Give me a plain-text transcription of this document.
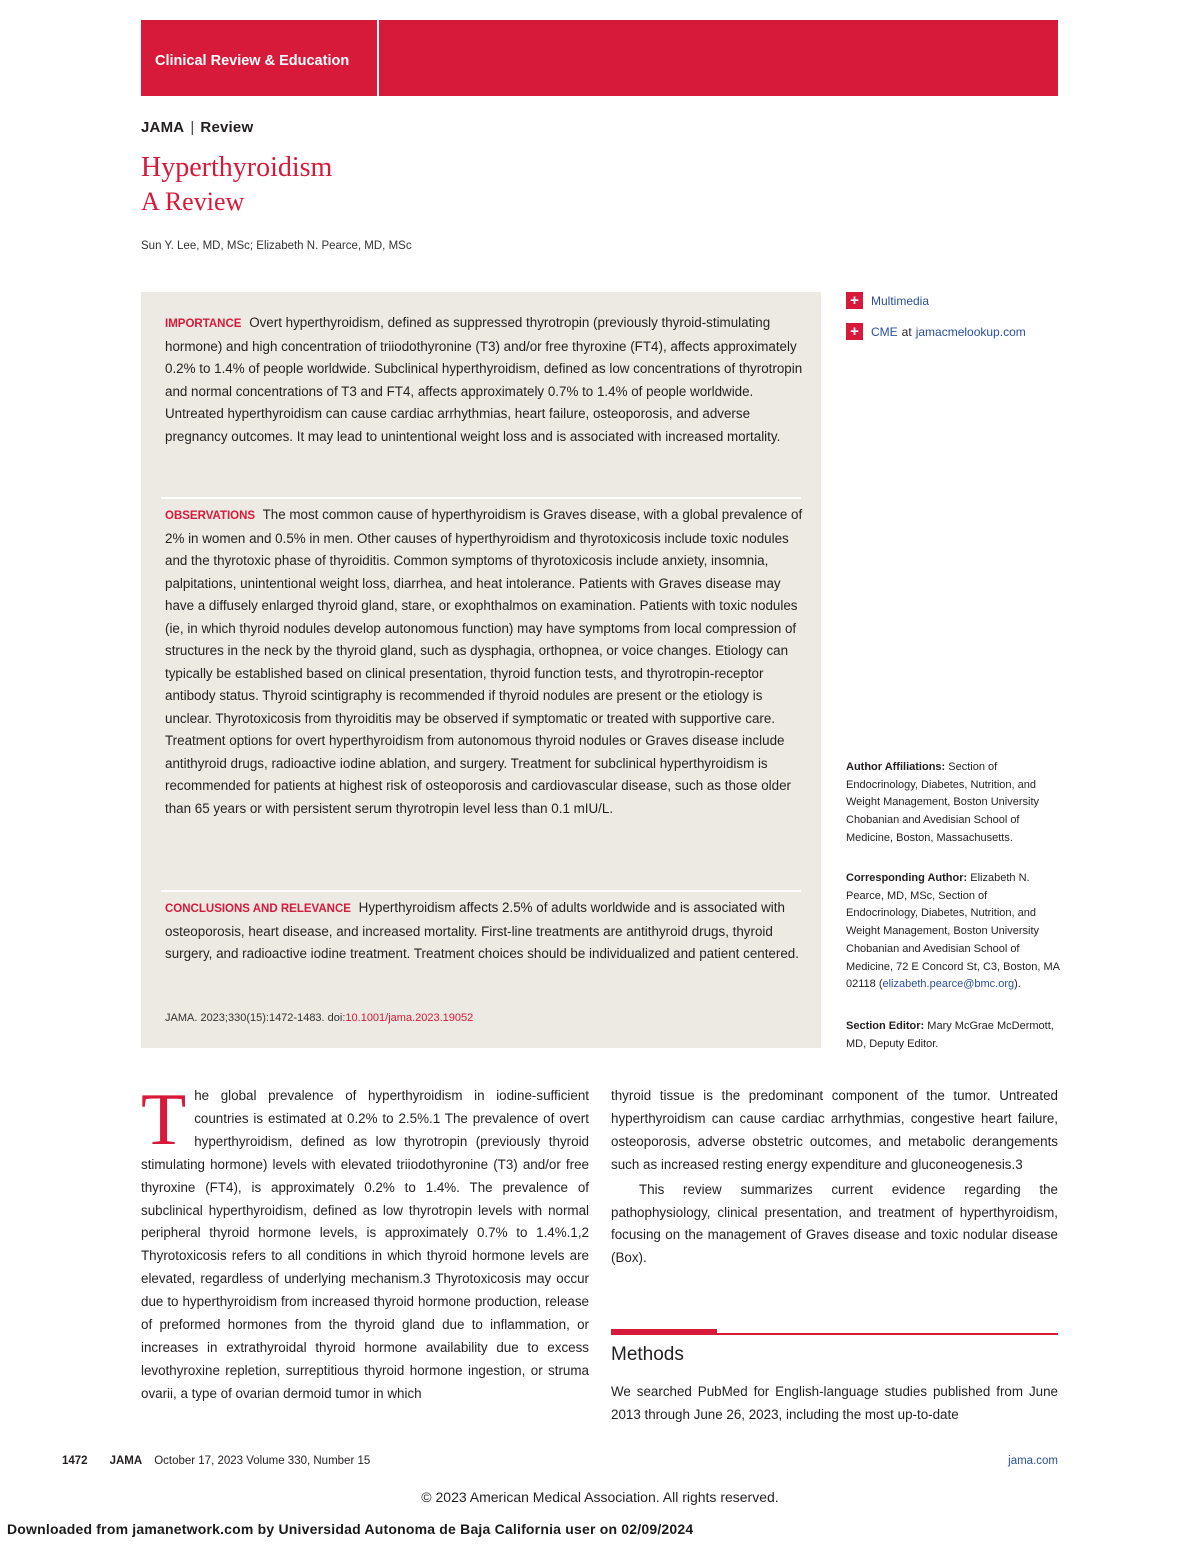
Clinical Review & Education
JAMA | Review
Hyperthyroidism
A Review
Sun Y. Lee, MD, MSc; Elizabeth N. Pearce, MD, MSc
IMPORTANCE Overt hyperthyroidism, defined as suppressed thyrotropin (previously thyroid-stimulating hormone) and high concentration of triiodothyronine (T3) and/or free thyroxine (FT4), affects approximately 0.2% to 1.4% of people worldwide. Subclinical hyperthyroidism, defined as low concentrations of thyrotropin and normal concentrations of T3 and FT4, affects approximately 0.7% to 1.4% of people worldwide. Untreated hyperthyroidism can cause cardiac arrhythmias, heart failure, osteoporosis, and adverse pregnancy outcomes. It may lead to unintentional weight loss and is associated with increased mortality.
OBSERVATIONS The most common cause of hyperthyroidism is Graves disease, with a global prevalence of 2% in women and 0.5% in men. Other causes of hyperthyroidism and thyrotoxicosis include toxic nodules and the thyrotoxic phase of thyroiditis. Common symptoms of thyrotoxicosis include anxiety, insomnia, palpitations, unintentional weight loss, diarrhea, and heat intolerance. Patients with Graves disease may have a diffusely enlarged thyroid gland, stare, or exophthalmos on examination. Patients with toxic nodules (ie, in which thyroid nodules develop autonomous function) may have symptoms from local compression of structures in the neck by the thyroid gland, such as dysphagia, orthopnea, or voice changes. Etiology can typically be established based on clinical presentation, thyroid function tests, and thyrotropin-receptor antibody status. Thyroid scintigraphy is recommended if thyroid nodules are present or the etiology is unclear. Thyrotoxicosis from thyroiditis may be observed if symptomatic or treated with supportive care. Treatment options for overt hyperthyroidism from autonomous thyroid nodules or Graves disease include antithyroid drugs, radioactive iodine ablation, and surgery. Treatment for subclinical hyperthyroidism is recommended for patients at highest risk of osteoporosis and cardiovascular disease, such as those older than 65 years or with persistent serum thyrotropin level less than 0.1 mIU/L.
CONCLUSIONS AND RELEVANCE Hyperthyroidism affects 2.5% of adults worldwide and is associated with osteoporosis, heart disease, and increased mortality. First-line treatments are antithyroid drugs, thyroid surgery, and radioactive iodine treatment. Treatment choices should be individualized and patient centered.
JAMA. 2023;330(15):1472-1483. doi:10.1001/jama.2023.19052
+	Multimedia
+	CME at jamacmelookup.com
Author Affiliations: Section of Endocrinology, Diabetes, Nutrition, and Weight Management, Boston University Chobanian and Avedisian School of Medicine, Boston, Massachusetts.
Corresponding Author: Elizabeth N. Pearce, MD, MSc, Section of Endocrinology, Diabetes, Nutrition, and Weight Management, Boston University Chobanian and Avedisian School of Medicine, 72 E Concord St, C3, Boston, MA 02118 (elizabeth.pearce@bmc.org).
Section Editor: Mary McGrae McDermott, MD, Deputy Editor.
T he global prevalence of hyperthyroidism in iodine-sufficient countries is estimated at 0.2% to 2.5%.1 The prevalence of overt hyperthyroidism, defined as low thyrotropin (previously thyroid stimulating hormone) levels with elevated triiodothyronine (T3) and/or free thyroxine (FT4), is approximately 0.2% to 1.4%. The prevalence of subclinical hyperthyroidism, defined as low thyrotropin levels with normal peripheral thyroid hormone levels, is approximately 0.7% to 1.4%.1,2 Thyrotoxicosis refers to all conditions in which thyroid hormone levels are elevated, regardless of underlying mechanism.3 Thyrotoxicosis may occur due to hyperthyroidism from increased thyroid hormone production, release of preformed hormones from the thyroid gland due to inflammation, or increases in extrathyroidal thyroid hormone availability due to excess levothyroxine repletion, surreptitious thyroid hormone ingestion, or struma ovarii, a type of ovarian dermoid tumor in which

thyroid tissue is the predominant component of the tumor. Untreated hyperthyroidism can cause cardiac arrhythmias, congestive heart failure, osteoporosis, adverse obstetric outcomes, and metabolic derangements such as increased resting energy expenditure and gluconeogenesis.3

This review summarizes current evidence regarding the pathophysiology, clinical presentation, and treatment of hyperthyroidism, focusing on the management of Graves disease and toxic nodular disease (Box).

Methods
We searched PubMed for English-language studies published from June 2013 through June 26, 2023, including the most up-to-date
1472 JAMA October 17, 2023 Volume 330, Number 15	jama.com
© 2023 American Medical Association. All rights reserved.
Downloaded from jamanetwork.com by Universidad Autonoma de Baja California user on 02/09/2024
